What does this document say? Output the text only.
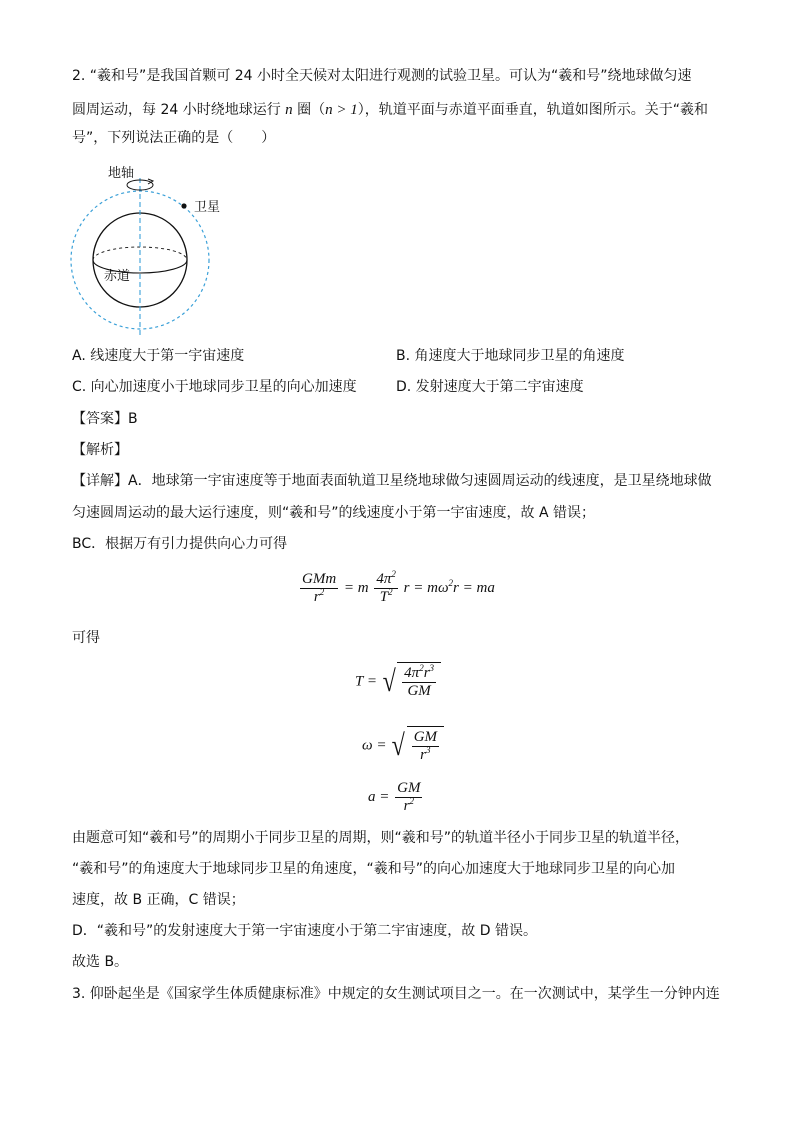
2. “羲和号”是我国首颗可 24 小时全天候对太阳进行观测的试验卫星。可认为“羲和号”绕地球做匀速
圆周运动，每 24 小时绕地球运行 n 圈（n > 1），轨道平面与赤道平面垂直，轨道如图所示。关于“羲和
号”，下列说法正确的是（　　）
地轴
卫星
赤道
A. 线速度大于第一宇宙速度	B. 角速度大于地球同步卫星的角速度
C. 向心加速度小于地球同步卫星的向心加速度	D. 发射速度大于第二宇宙速度
【答案】B
【解析】
【详解】A．地球第一宇宙速度等于地面表面轨道卫星绕地球做匀速圆周运动的线速度，是卫星绕地球做
匀速圆周运动的最大运行速度，则“羲和号”的线速度小于第一宇宙速度，故 A 错误；
BC．根据万有引力提供向心力可得
$\frac{\text{GMm}}{r^2} = m \frac{4\pi^2}{T^2}$ $r = m\omega^2r$ = ma
可得
T = √ $\frac{4\pi^2r^3}{GM}$
ω = √ $\frac{GM}{r^3}$
$a = \frac{GM}{r^2}$
由题意可知“羲和号”的周期小于同步卫星的周期，则“羲和号”的轨道半径小于同步卫星的轨道半径，
“羲和号”的角速度大于地球同步卫星的角速度，“羲和号”的向心加速度大于地球同步卫星的向心加
速度，故 B 正确，C 错误；
D．“羲和号”的发射速度大于第一宇宙速度小于第二宇宙速度，故 D 错误。
故选 B。
3. 仰卧起坐是《国家学生体质健康标准》中规定的女生测试项目之一。在一次测试中，某学生一分钟内连
